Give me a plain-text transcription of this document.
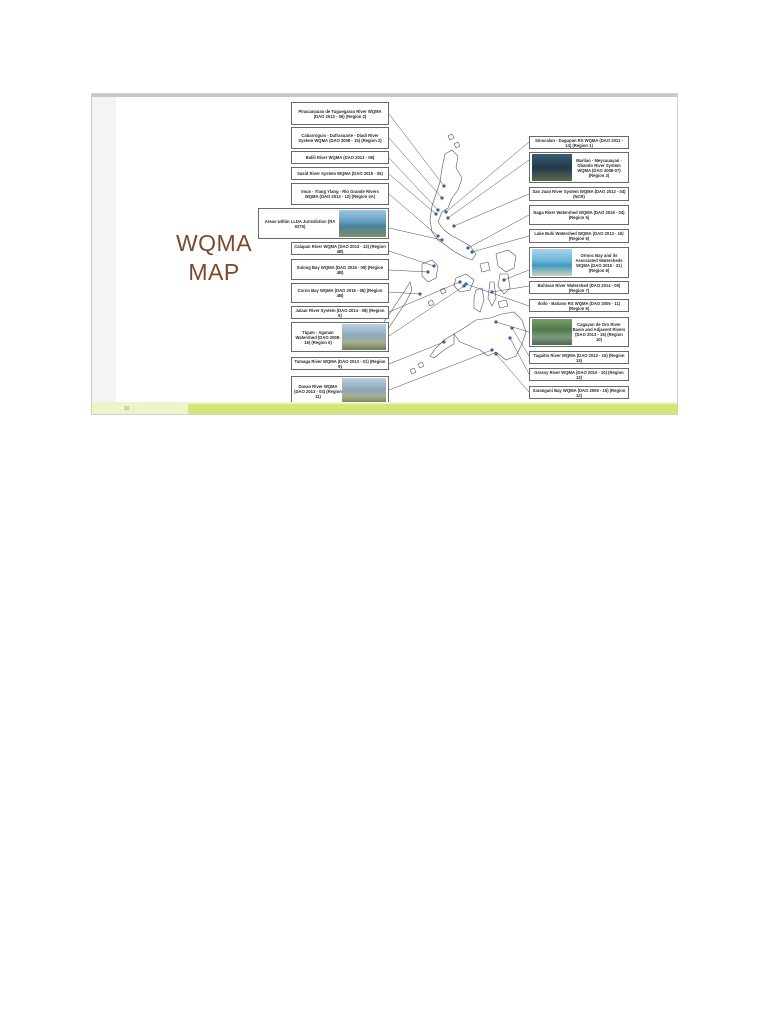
WQMA
MAP
Pinacanauan de Tuguegarao River WQMA (DAO 2013 - 06) (Region 2)
Cabarroguis - Dafrasuarte - Diadi River System WQMA (DAO 2008 - 15) (Region 2)
Balili River WQMA (DAO 2013 - 08)
Sasid River System WQMA (DAO 2015 - 05)
Imus - Ylang Ylang - Rio Grande Rivers WQMA (DAO 2013 - 12) (Region 4A)
Areas within LLDA Jurisdiction (RA 9275)
Calapan River WQMA (DAO 2013 - 13) (Region 4B)
Sulong Bay WQMA (DAO 2016 - 09) (Region 4B)
Coron Bay WQMA (DAO 2016 - 06) (Region 4B)
Jalaur River System (DAO 2014 - 08) (Region 6)
Tigum - Aganan Watershed (DAO 2008-16) (Region 6)
Tumaga River WQMA (DAO 2013 - 01) (Region 9)
Davao River WQMA (DAO 2013 - 04) (Region 11)
Sinocalan - Dagupan RS WQMA (DAO 2011 - 14) (Region 1)
Marilao - Meycauayan - Obando River System WQMA (DAO 2008-07) (Region 3)
San Juan River System WQMA (DAO 2012 - 04) (NCR)
Naga River Watershed WQMA (DAO 2016 - 04) (Region 5)
Lake Buhi Watershed WQMA (DAO 2013 - 16) (Region 5)
Ormoc Bay and its Associated Watersheds WQMA (DAO 2015 - 31) (Region 8)
Buhisan River Watershed (DAO 2014 - 05) (Region 7)
Iloilo - Batiano RS WQMA (DAO 2006 - 11) (Region 6)
Cagayan de Oro River Basin and Adjacent Rivers (DAO 2013 - 16) (Region 10)
Tagaitio River WQMA (DAO 2012 - 15) (Region 13)
Grassy River WQMA (DAO 2010 - 10) (Region 13)
Sarangani Bay WQMA (DAO 2009 - 15) (Region 12)
10
